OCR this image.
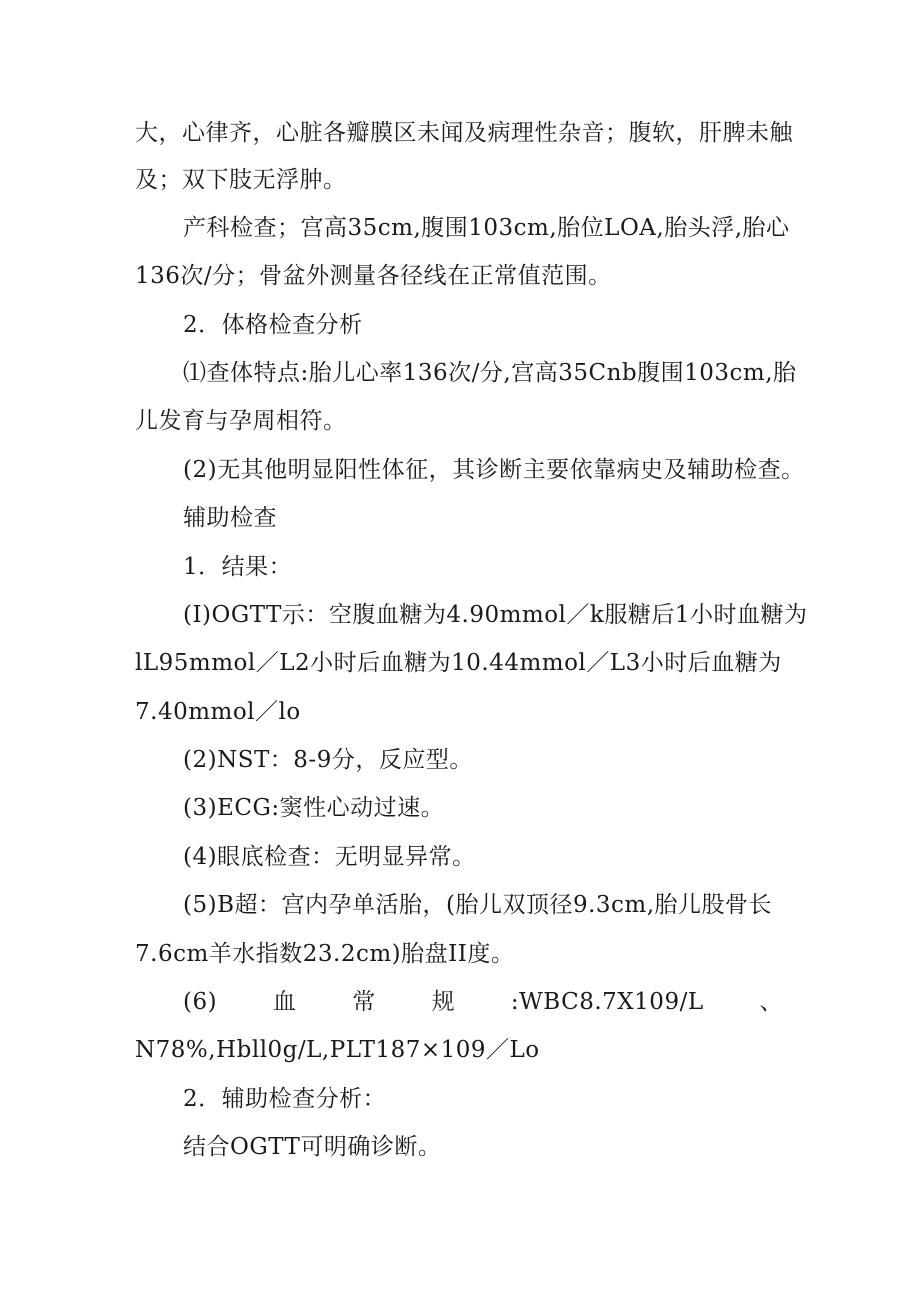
大，心律齐，心脏各瓣膜区未闻及病理性杂音；腹软，肝脾未触

及；双下肢无浮肿。

产科检查；宫高35cm,腹围103cm,胎位LOA,胎头浮,胎心

136次/分；骨盆外测量各径线在正常值范围。

2．体格检查分析

⑴查体特点:胎儿心率136次/分,宫高35Cnb腹围103cm,胎

儿发育与孕周相符。

(2)无其他明显阳性体征，其诊断主要依靠病史及辅助检查。

辅助检查

1．结果：

(I)OGTT示：空腹血糖为4.90mmol／k服糖后1小时血糖为

lL95mmol／L2小时后血糖为10.44mmol／L3小时后血糖为

7.40mmol／lo

(2)NST：8-9分，反应型。

(3)ECG:窦性心动过速。

(4)眼底检查：无明显异常。

(5)B超：宫内孕单活胎，(胎儿双顶径9.3cm,胎儿股骨长

7.6cm羊水指数23.2cm)胎盘II度。

(6) 血 常 规 :WBC8.7X109/L 、

N78%,Hbll0g/L,PLT187×109／Lo

2．辅助检查分析：

结合OGTT可明确诊断。
